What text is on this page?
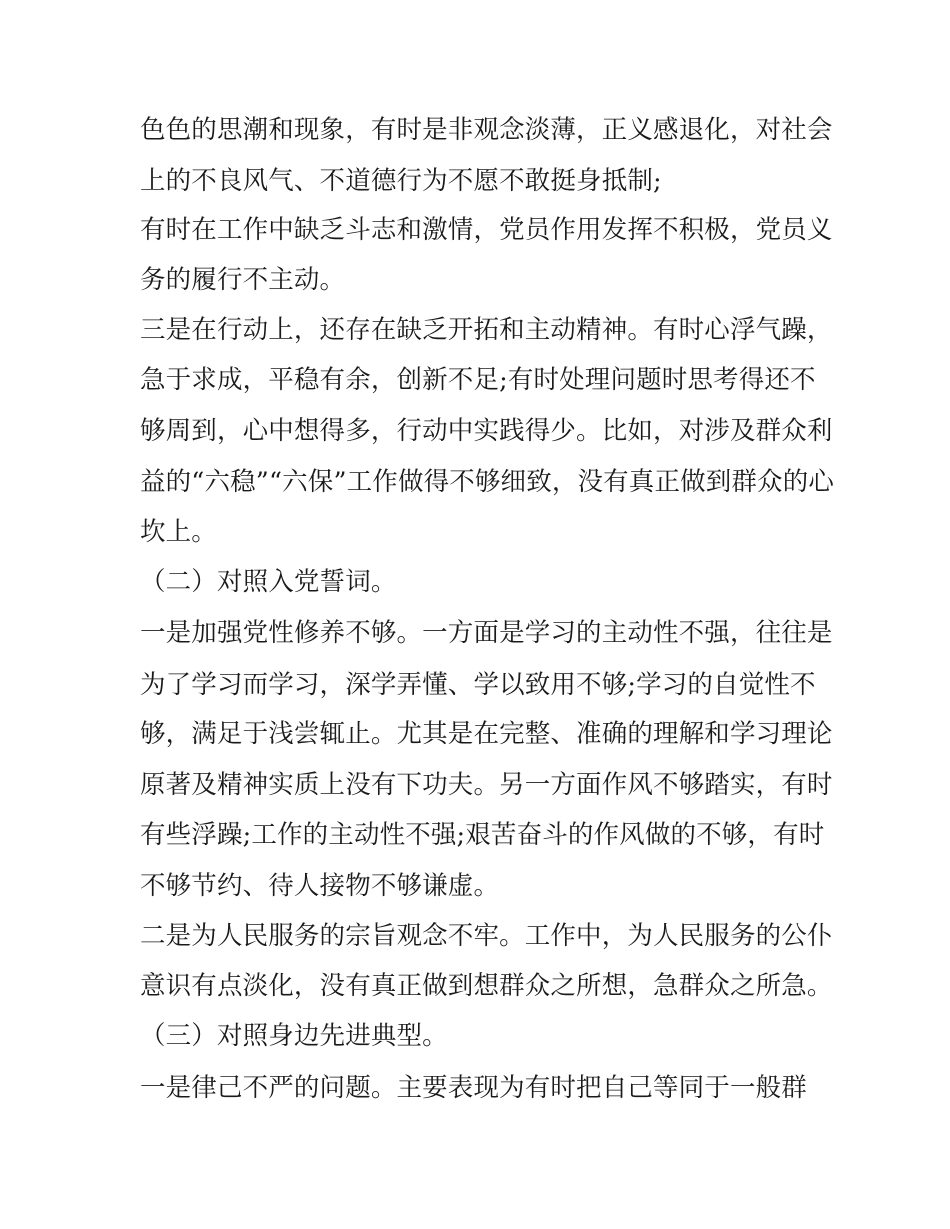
色色的思潮和现象，有时是非观念淡薄，正义感退化，对社会
上的不良风气、不道德行为不愿不敢挺身抵制;
有时在工作中缺乏斗志和激情，党员作用发挥不积极，党员义
务的履行不主动。
三是在行动上，还存在缺乏开拓和主动精神。有时心浮气躁，
急于求成，平稳有余，创新不足;有时处理问题时思考得还不
够周到，心中想得多，行动中实践得少。比如，对涉及群众利
益的“六稳”“六保”工作做得不够细致，没有真正做到群众的心
坎上。
（二）对照入党誓词。
一是加强党性修养不够。一方面是学习的主动性不强，往往是
为了学习而学习，深学弄懂、学以致用不够;学习的自觉性不
够，满足于浅尝辄止。尤其是在完整、准确的理解和学习理论
原著及精神实质上没有下功夫。另一方面作风不够踏实，有时
有些浮躁;工作的主动性不强;艰苦奋斗的作风做的不够，有时
不够节约、待人接物不够谦虚。
二是为人民服务的宗旨观念不牢。工作中，为人民服务的公仆
意识有点淡化，没有真正做到想群众之所想，急群众之所急。
（三）对照身边先进典型。
一是律己不严的问题。主要表现为有时把自己等同于一般群
